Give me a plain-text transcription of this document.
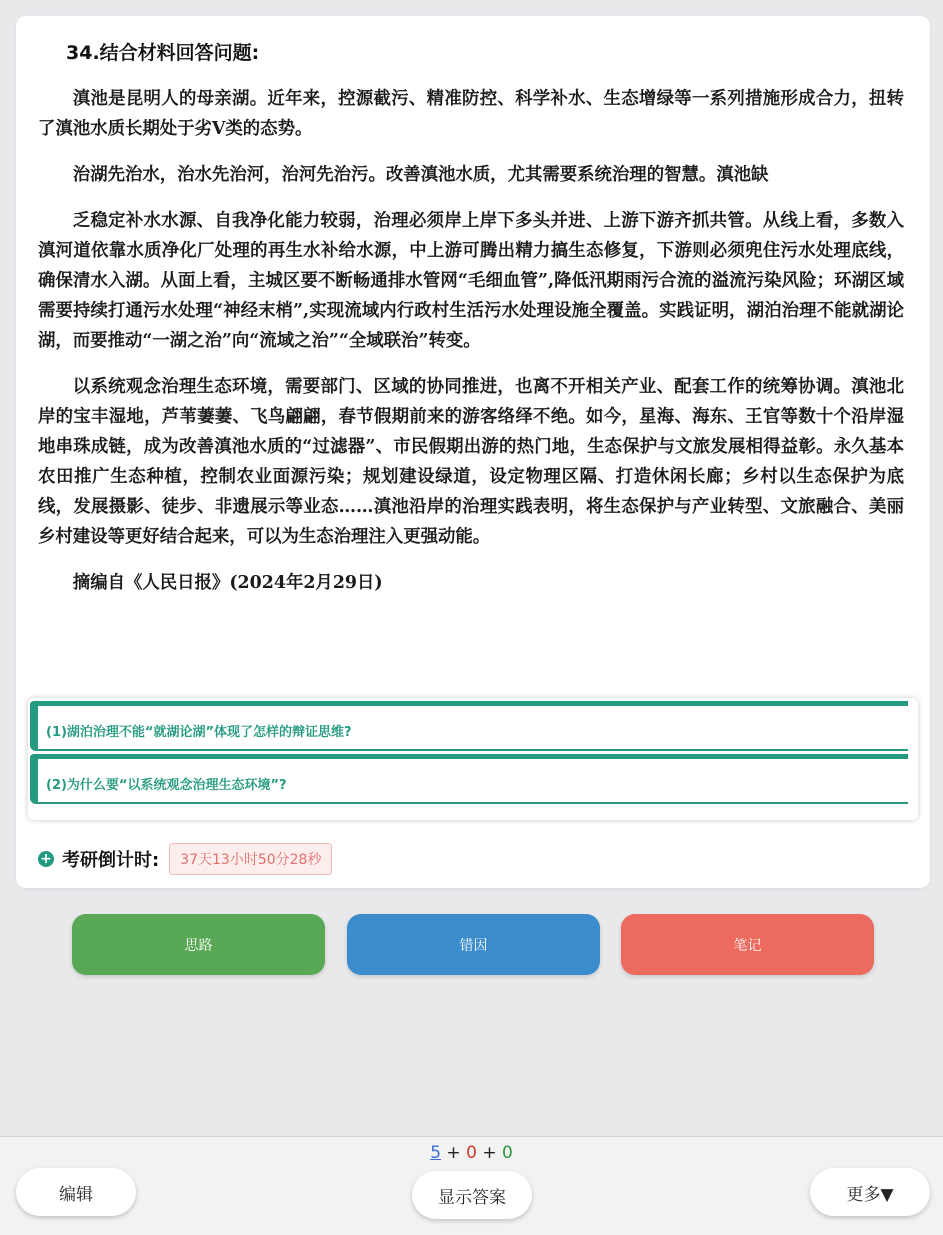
34.结合材料回答问题:

滇池是昆明人的母亲湖。近年来，控源截污、精准防控、科学补水、生态增绿等一系列措施形成合力，扭转了滇池水质长期处于劣V类的态势。

治湖先治水，治水先治河，治河先治污。改善滇池水质，尤其需要系统治理的智慧。滇池缺

乏稳定补水水源、自我净化能力较弱，治理必须岸上岸下多头并进、上游下游齐抓共管。从线上看，多数入滇河道依靠水质净化厂处理的再生水补给水源，中上游可腾出精力搞生态修复，下游则必须兜住污水处理底线，确保清水入湖。从面上看，主城区要不断畅通排水管网“毛细血管”,降低汛期雨污合流的溢流污染风险；环湖区域需要持续打通污水处理“神经末梢”,实现流域内行政村生活污水处理设施全覆盖。实践证明，湖泊治理不能就湖论湖，而要推动“一湖之治”向“流域之治”“全域联治”转变。

以系统观念治理生态环境，需要部门、区域的协同推进，也离不开相关产业、配套工作的统筹协调。滇池北岸的宝丰湿地，芦苇萋萋、飞鸟翩翩，春节假期前来的游客络绎不绝。如今，星海、海东、王官等数十个沿岸湿地串珠成链，成为改善滇池水质的“过滤器”、市民假期出游的热门地，生态保护与文旅发展相得益彰。永久基本农田推广生态种植，控制农业面源污染；规划建设绿道，设定物理区隔、打造休闲长廊；乡村以生态保护为底线，发展摄影、徒步、非遗展示等业态……滇池沿岸的治理实践表明，将生态保护与产业转型、文旅融合、美丽乡村建设等更好结合起来，可以为生态治理注入更强动能。

摘编自《人民日报》(2024年2月29日)

(1)湖泊治理不能“就湖论湖”体现了怎样的辩证思维?
(2)为什么要“以系统观念治理生态环境”?
+ 考研倒计时:	37天13小时50分28秒
思路	错因	笔记
5 + 0 + 0
编辑	显示答案	更多▼
